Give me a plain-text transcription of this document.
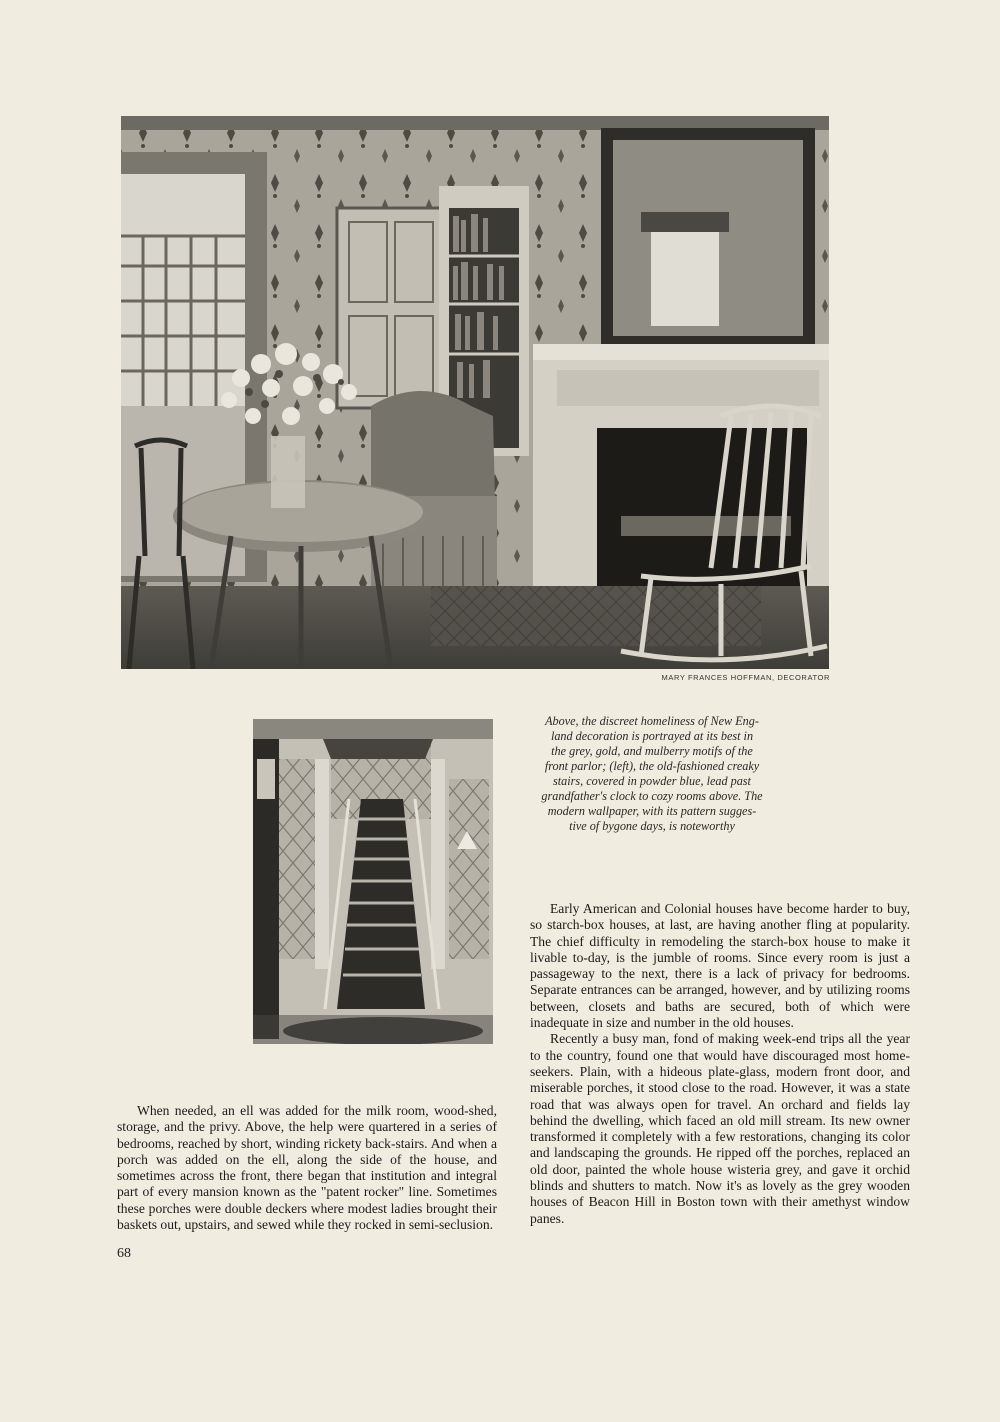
MARY FRANCES HOFFMAN, DECORATOR
Above, the discreet homeliness of New Eng-
land decoration is portrayed at its best in
the grey, gold, and mulberry motifs of the
front parlor; (left), the old-fashioned creaky
stairs, covered in powder blue, lead past
grandfather's clock to cozy rooms above. The
modern wallpaper, with its pattern sugges-
tive of bygone days, is noteworthy

Early American and Colonial houses have become harder to buy, so starch-box houses, at last, are having another fling at popularity. The chief difficulty in remodeling the starch-box house to make it livable to-day, is the jumble of rooms. Since every room is just a passageway to the next, there is a lack of privacy for bedrooms. Separate entrances can be arranged, however, and by utilizing rooms between, closets and baths are secured, both of which were inadequate in size and number in the old houses.

Recently a busy man, fond of making week-end trips all the year to the country, found one that would have discouraged most home-seekers. Plain, with a hideous plate-glass, modern front door, and miserable porches, it stood close to the road. However, it was a state road that was always open for travel. An orchard and fields lay behind the dwelling, which faced an old mill stream. Its new owner transformed it completely with a few restorations, changing its color and landscaping the grounds. He ripped off the porches, replaced an old door, painted the whole house wisteria grey, and gave it orchid blinds and shutters to match. Now it's as lovely as the grey wooden houses of Beacon Hill in Boston town with their amethyst window panes.

When needed, an ell was added for the milk room, wood-shed, storage, and the privy. Above, the help were quartered in a series of bedrooms, reached by short, winding rickety back-stairs. And when a porch was added on the ell, along the side of the house, and sometimes across the front, there began that institution and integral part of every mansion known as the "patent rocker" line. Sometimes these porches were double deckers where modest ladies brought their baskets out, upstairs, and sewed while they rocked in semi-seclusion.

68
